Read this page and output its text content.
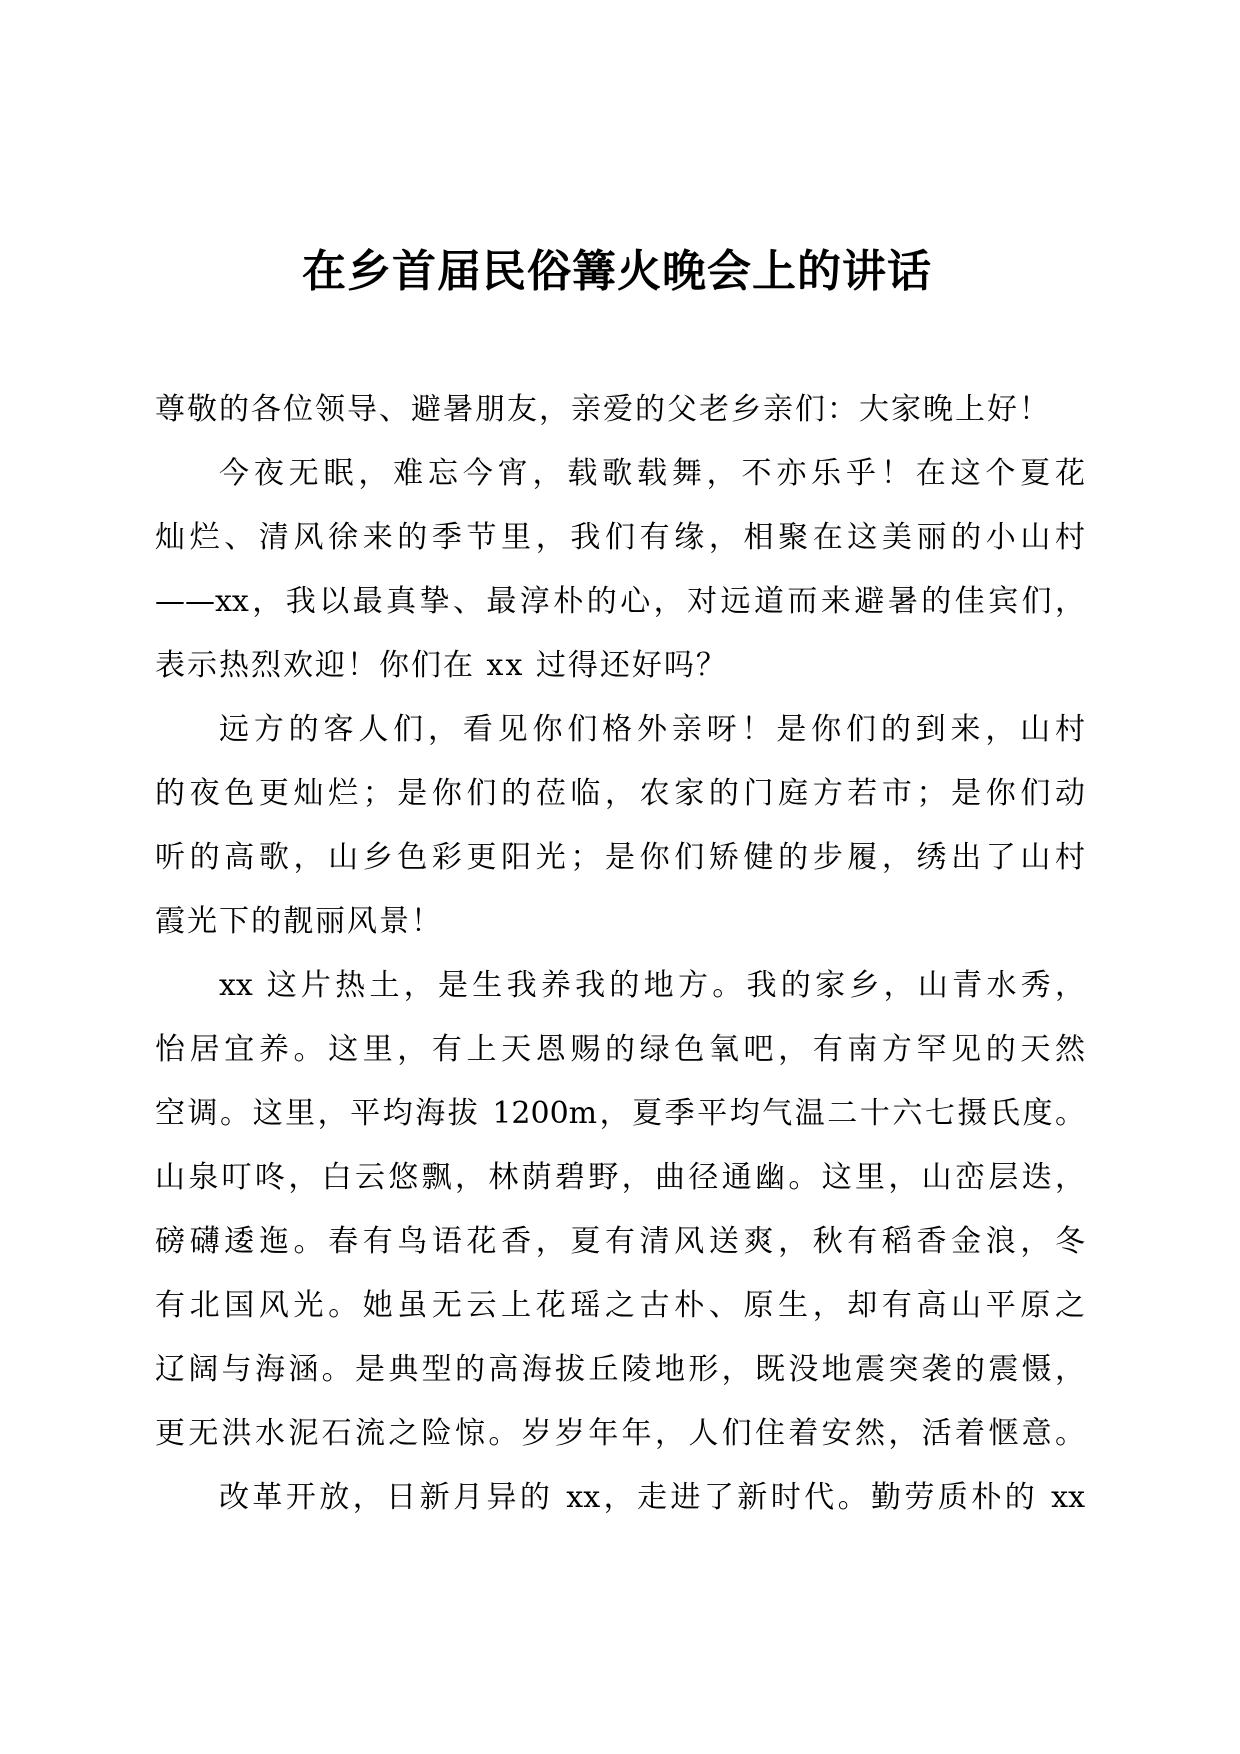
在乡首届民俗篝火晚会上的讲话
尊敬的各位领导、避暑朋友，亲爱的父老乡亲们：大家晚上好！
今夜无眠，难忘今宵，载歌载舞，不亦乐乎！在这个夏花
灿烂、清风徐来的季节里，我们有缘，相聚在这美丽的小山村
——xx，我以最真挚、最淳朴的心，对远道而来避暑的佳宾们，
表示热烈欢迎！你们在 xx 过得还好吗？
远方的客人们，看见你们格外亲呀！是你们的到来，山村
的夜色更灿烂；是你们的莅临，农家的门庭方若市；是你们动
听的高歌，山乡色彩更阳光；是你们矫健的步履，绣出了山村
霞光下的靓丽风景！
xx 这片热土，是生我养我的地方。我的家乡，山青水秀，
怡居宜养。这里，有上天恩赐的绿色氧吧，有南方罕见的天然
空调。这里，平均海拔 1200m，夏季平均气温二十六七摄氏度。
山泉叮咚，白云悠飘，林荫碧野，曲径通幽。这里，山峦层迭，
磅礴逶迤。春有鸟语花香，夏有清风送爽，秋有稻香金浪，冬
有北国风光。她虽无云上花瑶之古朴、原生，却有高山平原之
辽阔与海涵。是典型的高海拔丘陵地形，既没地震突袭的震慑，
更无洪水泥石流之险惊。岁岁年年，人们住着安然，活着惬意。
改革开放，日新月异的 xx，走进了新时代。勤劳质朴的 xx
